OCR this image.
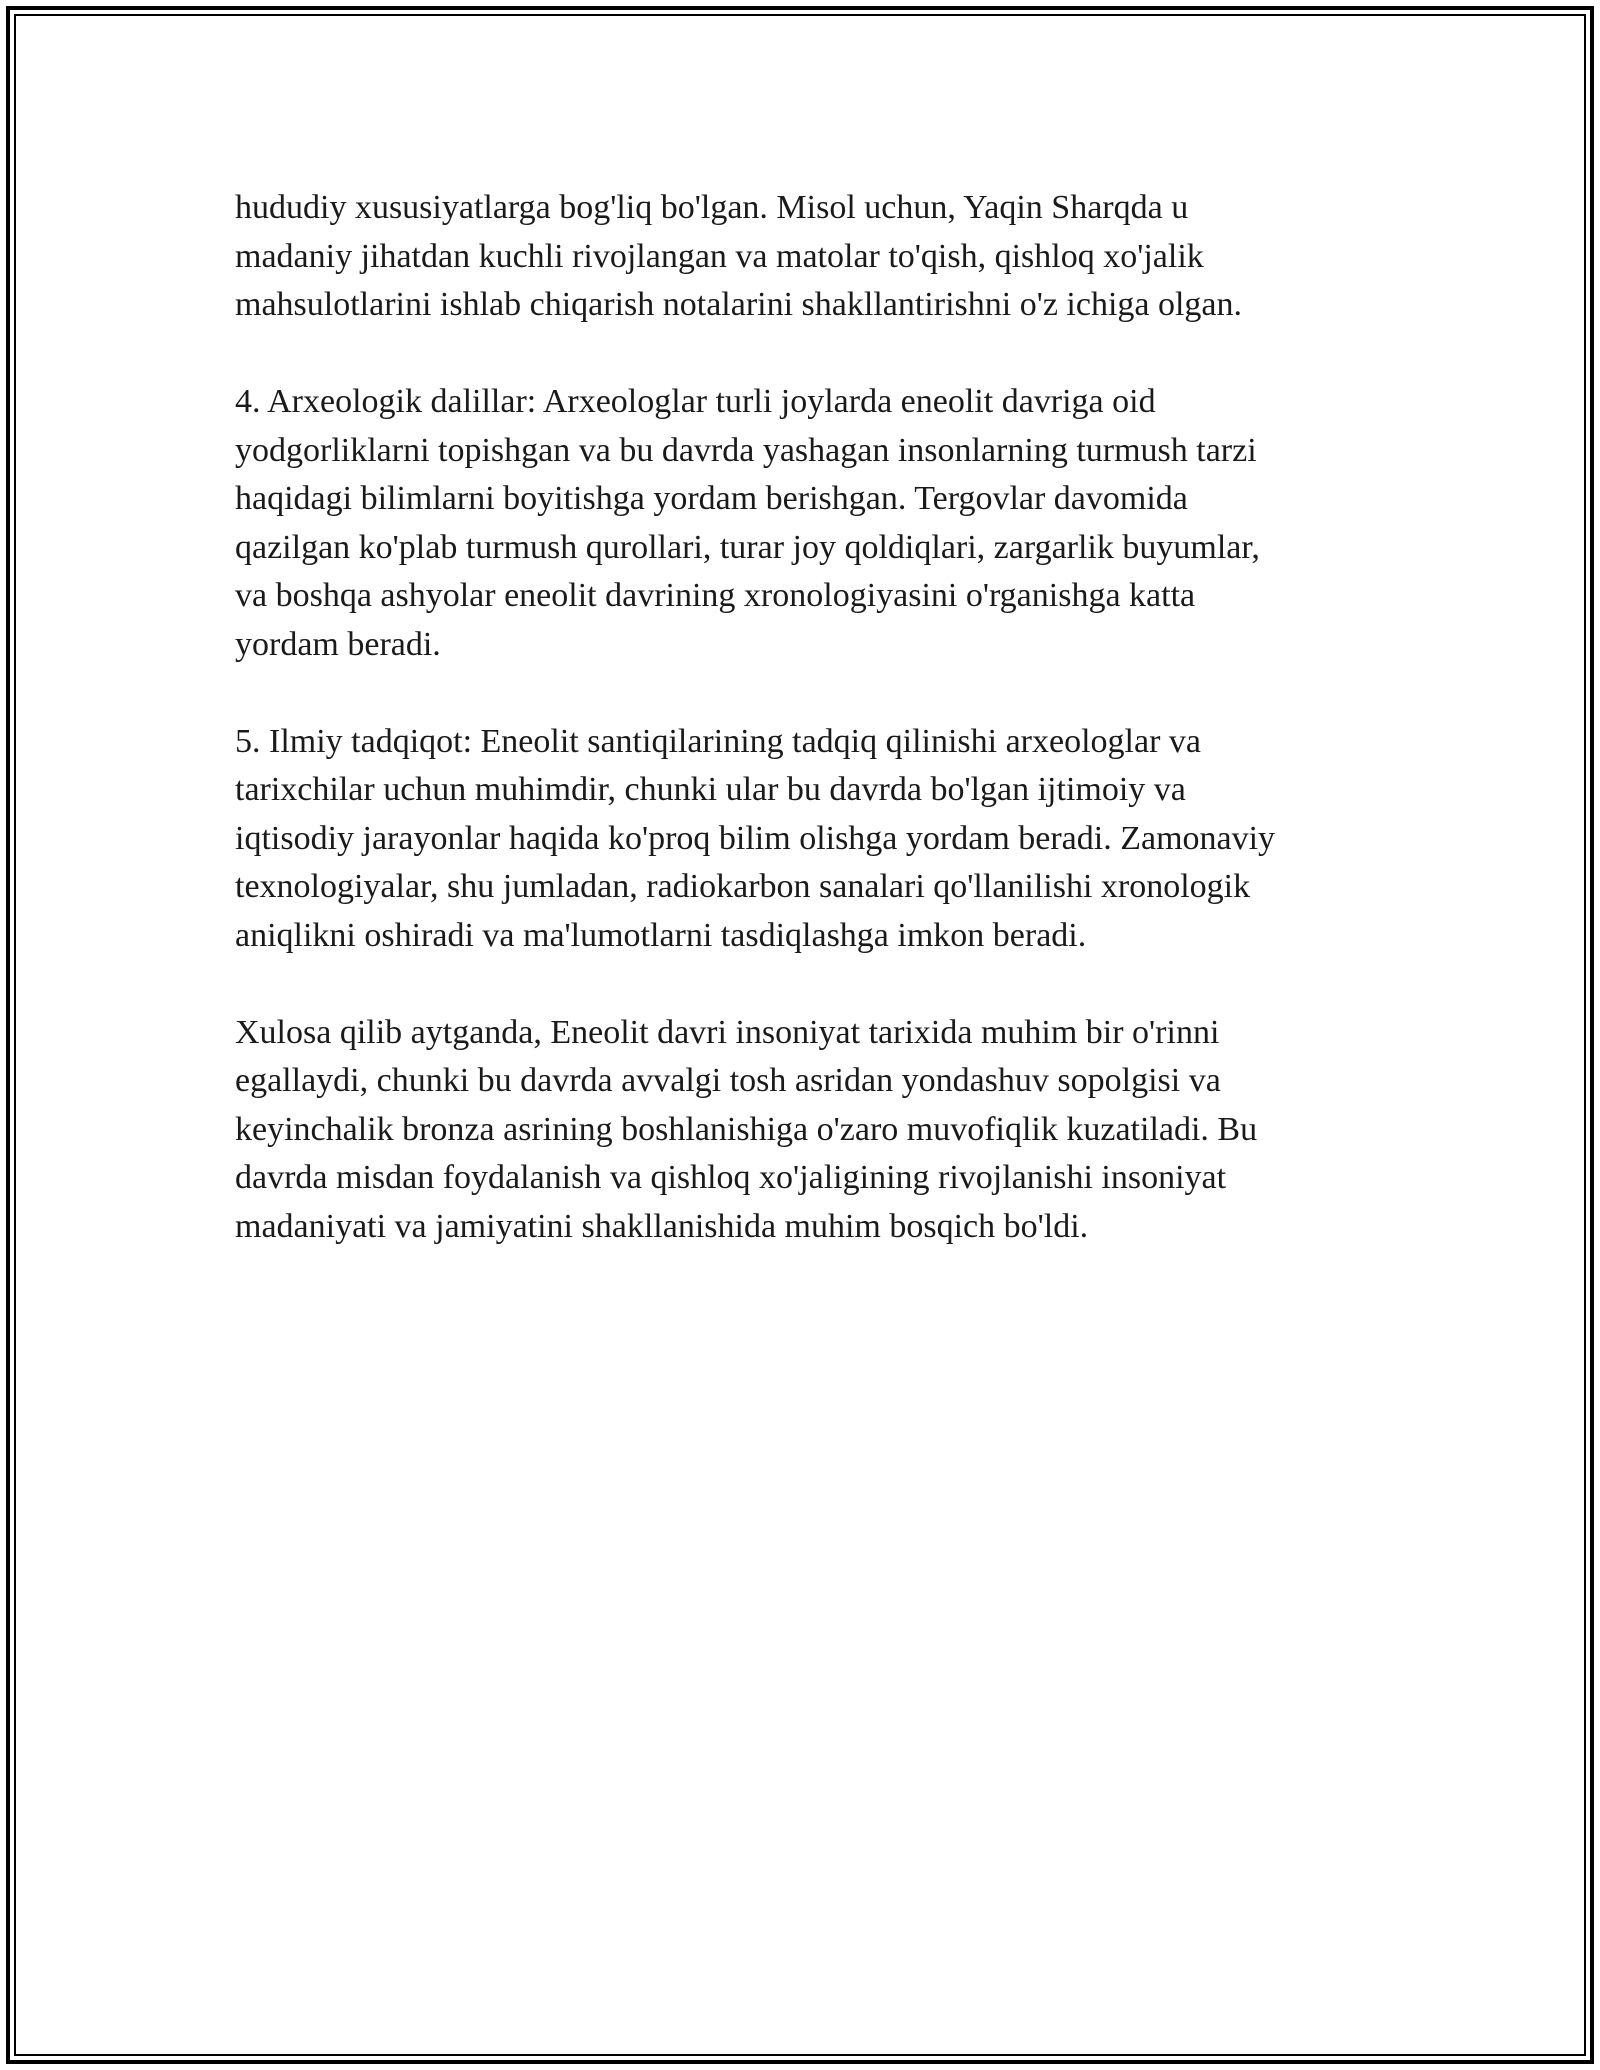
hududiy xususiyatlarga bog'liq bo'lgan. Misol uchun, Yaqin Sharqda u
madaniy jihatdan kuchli rivojlangan va matolar to'qish, qishloq xo'jalik
mahsulotlarini ishlab chiqarish notalarini shakllantirishni o'z ichiga olgan.

4. Arxeologik dalillar: Arxeologlar turli joylarda eneolit davriga oid
yodgorliklarni topishgan va bu davrda yashagan insonlarning turmush tarzi
haqidagi bilimlarni boyitishga yordam berishgan. Tergovlar davomida
qazilgan ko'plab turmush qurollari, turar joy qoldiqlari, zargarlik buyumlar,
va boshqa ashyolar eneolit davrining xronologiyasini o'rganishga katta
yordam beradi.

5. Ilmiy tadqiqot: Eneolit santiqilarining tadqiq qilinishi arxeologlar va
tarixchilar uchun muhimdir, chunki ular bu davrda bo'lgan ijtimoiy va
iqtisodiy jarayonlar haqida ko'proq bilim olishga yordam beradi. Zamonaviy
texnologiyalar, shu jumladan, radiokarbon sanalari qo'llanilishi xronologik
aniqlikni oshiradi va ma'lumotlarni tasdiqlashga imkon beradi.

Xulosa qilib aytganda, Eneolit davri insoniyat tarixida muhim bir o'rinni
egallaydi, chunki bu davrda avvalgi tosh asridan yondashuv sopolgisi va
keyinchalik bronza asrining boshlanishiga o'zaro muvofiqlik kuzatiladi. Bu
davrda misdan foydalanish va qishloq xo'jaligining rivojlanishi insoniyat
madaniyati va jamiyatini shakllanishida muhim bosqich bo'ldi.
